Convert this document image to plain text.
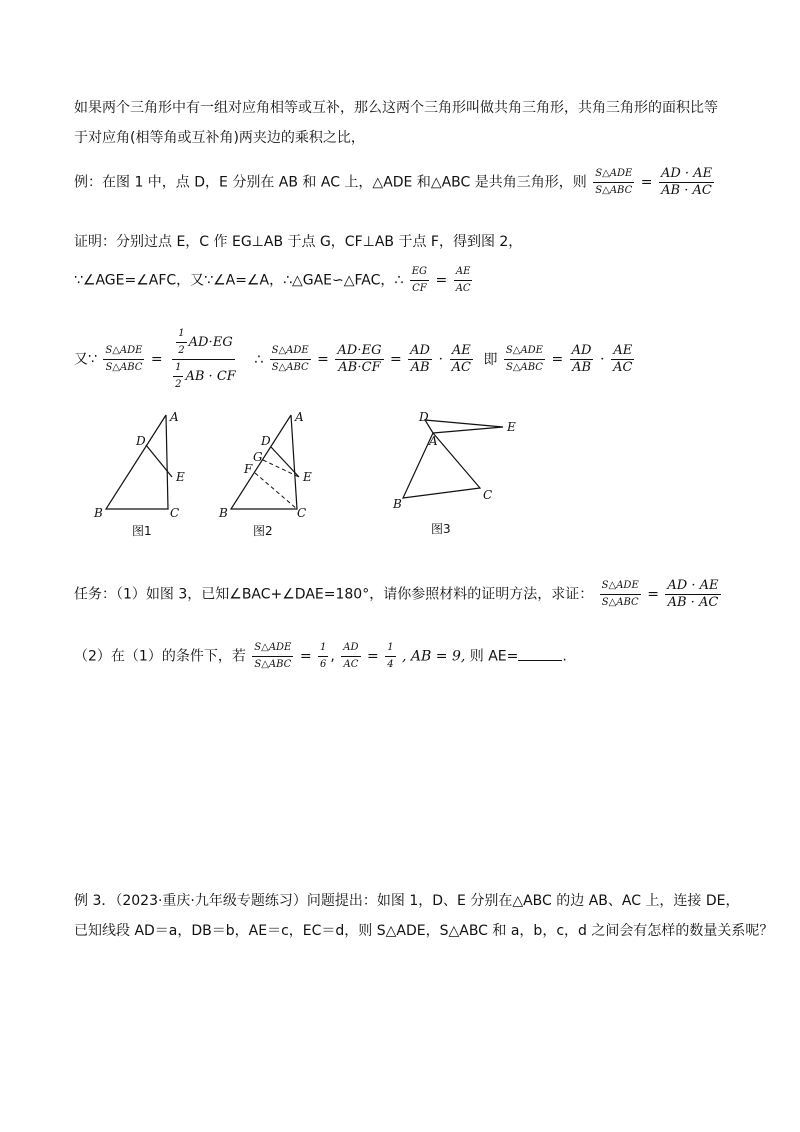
如果两个三角形中有一组对应角相等或互补，那么这两个三角形叫做共角三角形，共角三角形的面积比等
于对应角(相等角或互补角)两夹边的乘积之比，
例：在图 1 中，点 D，E 分别在 AB 和 AC 上，△ADE 和△ABC 是共角三角形，则 $\frac{\text{S△ADE}}{\text{S△ABC}} = \frac{AD \cdot AE}{AB \cdot AC}$
证明：分别过点 E，C 作 EG⊥AB 于点 G，CF⊥AB 于点 F，得到图 2，
∵∠AGE=∠AFC，又∵∠A=∠A，∴△GAE∽△FAC，∴ $\frac{EG}{CF} = \frac{AE}{AC}$
又∵ $\frac{\text{S△ADE}}{\text{S△ABC}} = \frac{\frac{1}{2} AD\cdot EG}{\frac{1}{2} AB \cdot CF}$ ∴ $\frac{\text{S△ADE}}{\text{S△ABC}} = \frac{AD\cdot EG}{AB\cdot CF} = \frac{AD}{AB} \cdot \frac{AE}{AC}$ 即 $\frac{\text{S△ADE}}{\text{S△ABC}} = \frac{AD}{AB} \cdot \frac{AE}{AC}$
A
D
E
B	C
图1
A
D
G
F
E
B	C
图2
D
E
A
B
C
图3
任务：（1）如图 3，已知∠BAC+∠DAE=180°，请你参照材料的证明方法，求证： $\frac{\text{S△ADE}}{\text{S△ABC}} = \frac{AD \cdot AE}{AB \cdot AC}$
（2）在（1）的条件下，若 $\frac{\text{S△ADE}}{\text{S△ABC}} = \frac{1}{6}$ , $\frac{AD}{AC} = \frac{1}{4}$ , AB = 9, 则 AE=	.
例 3．（2023·重庆·九年级专题练习）问题提出：如图 1，D、E 分别在△ABC 的边 AB、AC 上，连接 DE，
已知线段 AD＝a，DB＝b，AE＝c，EC＝d，则 S△ADE，S△ABC 和 a，b，c，d 之间会有怎样的数量关系呢？
